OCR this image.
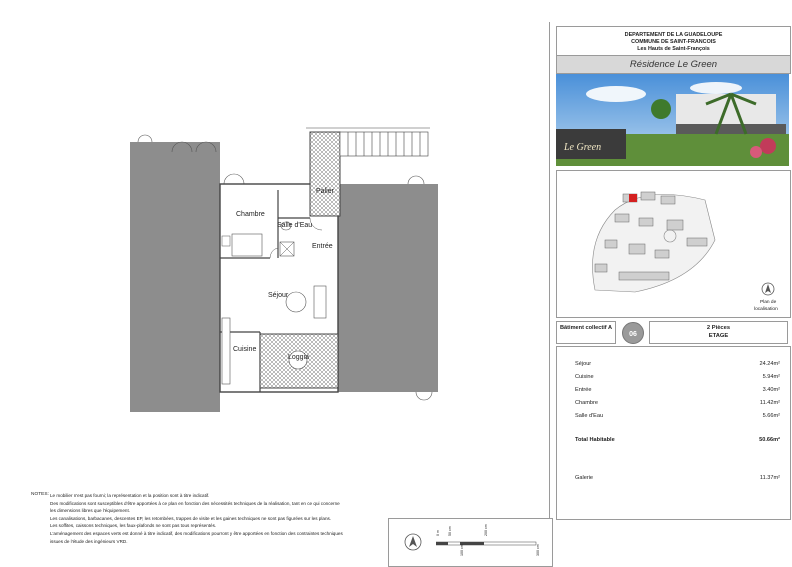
Palier
Chambre
Salle d'Eau
Entrée
Séjour
Cuisine
Loggia
DEPARTEMENT DE LA GUADELOUPE
COMMUNE DE SAINT-FRANCOIS
Les Hauts de Saint-François
Résidence Le Green
Le Green
Plan de
localisation
Bâtiment collectif A
06
2 Pièces
ETAGE
Séjour	24.24m²
Cuisine	5.94m²
Entrée	3.40m²
Chambre	11.42m²
Salle d'Eau	5.66m²
Total Habitable	50.66m²
Galerie	11.37m²
NOTES: Le mobilier n'est pas fourni; la représentation et la position sont à titre indicatif.
Des modifications sont susceptibles d'être apportées à ce plan en fonction des nécessités techniques de la réalisation, tant en ce qui concerne
les dimensions libres que l'équipement.
Les canalisations, barbacanes, descentes EP, les retombées, trappes de visite et les gaines techniques ne sont pas figurées sur les plans.
Les soffites, caissons techniques, les faux-plafonds ne sont pas tous représentés.
L'aménagement des espaces verts est donné à titre indicatif, des modifications pourront y être apportées en fonction des contraintes techniques
issues de l'étude des ingénieurs VRD.
0 m 50 cm
100 cm
200 cm
300 cm
